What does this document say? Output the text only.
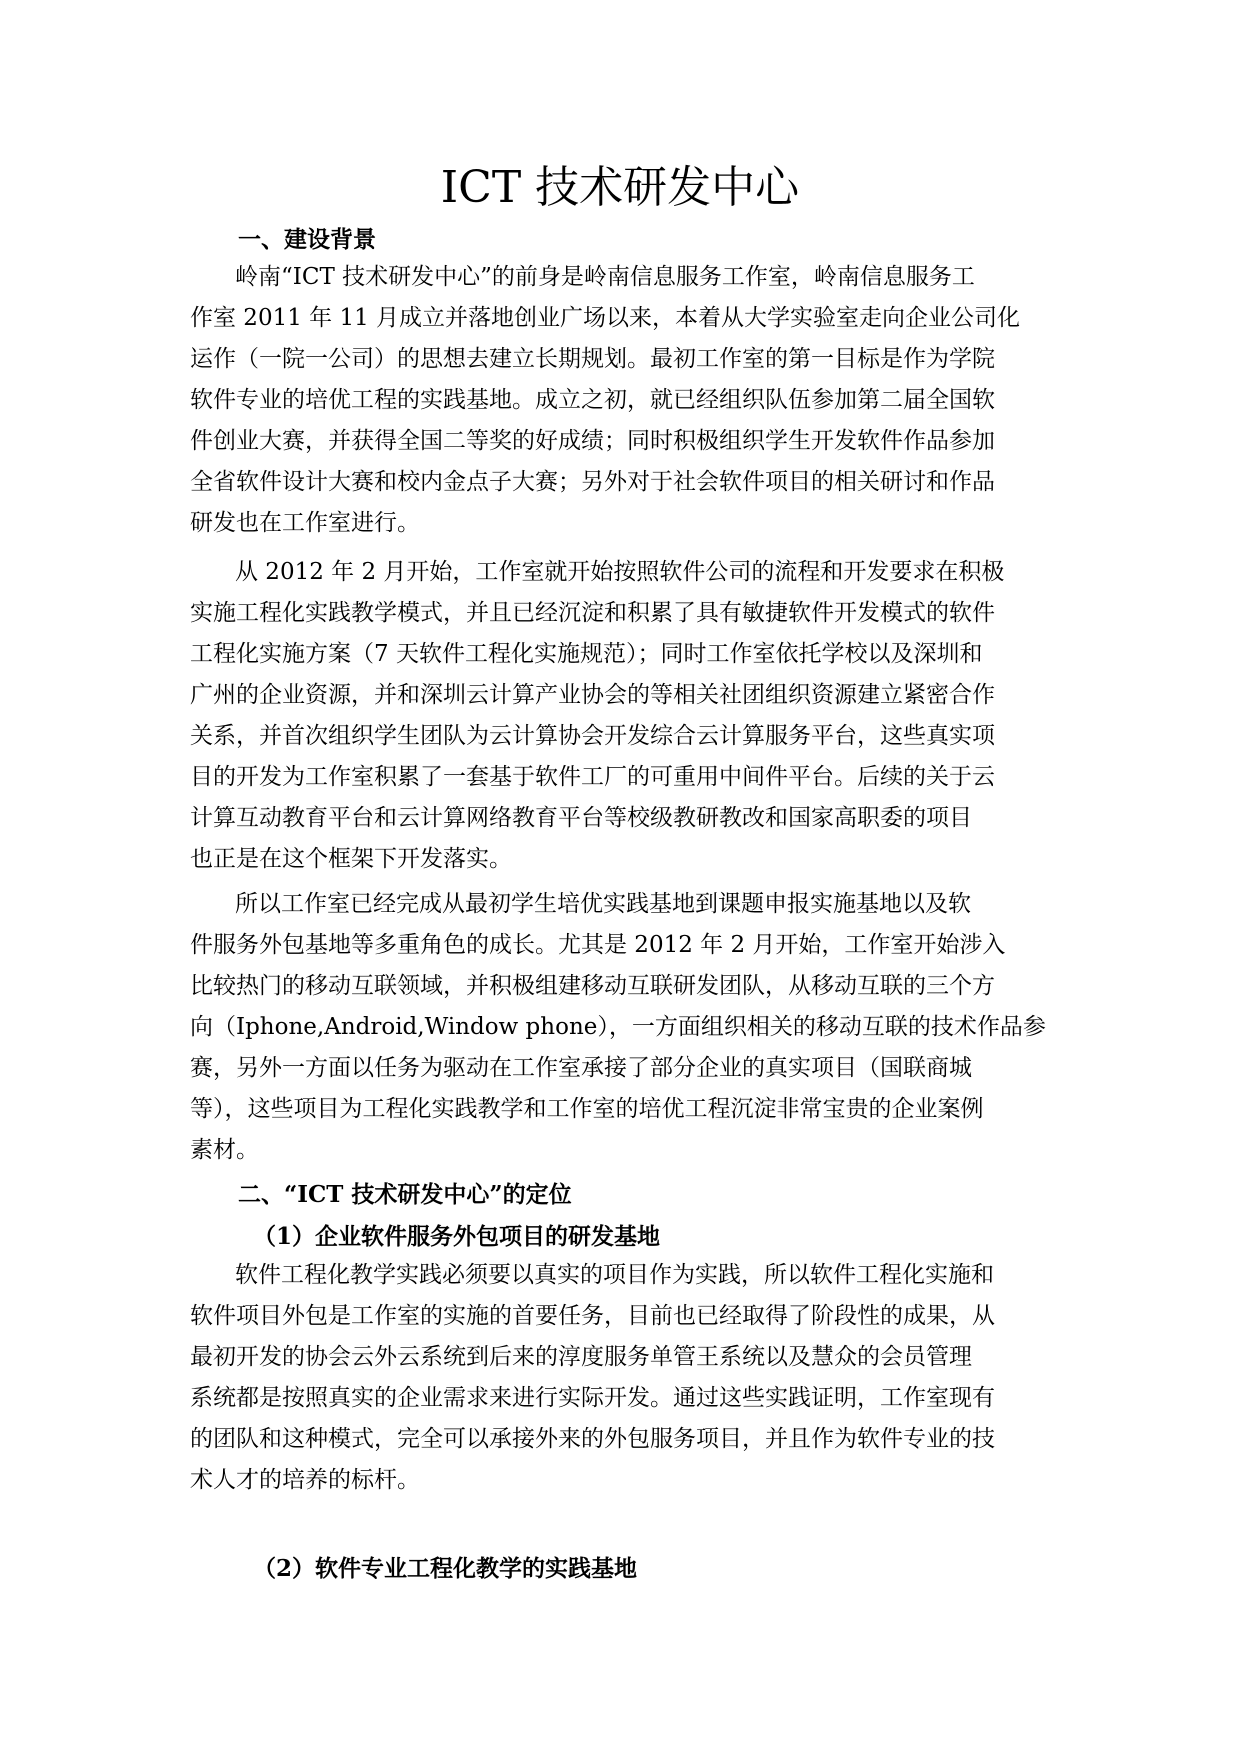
ICT 技术研发中心
一、建设背景
岭南“ICT 技术研发中心”的前身是岭南信息服务工作室，岭南信息服务工
作室 2011 年 11 月成立并落地创业广场以来，本着从大学实验室走向企业公司化
运作（一院一公司）的思想去建立长期规划。最初工作室的第一目标是作为学院
软件专业的培优工程的实践基地。成立之初，就已经组织队伍参加第二届全国软
件创业大赛，并获得全国二等奖的好成绩；同时积极组织学生开发软件作品参加
全省软件设计大赛和校内金点子大赛；另外对于社会软件项目的相关研讨和作品
研发也在工作室进行。
从 2012 年 2 月开始，工作室就开始按照软件公司的流程和开发要求在积极
实施工程化实践教学模式，并且已经沉淀和积累了具有敏捷软件开发模式的软件
工程化实施方案（7 天软件工程化实施规范）；同时工作室依托学校以及深圳和
广州的企业资源，并和深圳云计算产业协会的等相关社团组织资源建立紧密合作
关系，并首次组织学生团队为云计算协会开发综合云计算服务平台，这些真实项
目的开发为工作室积累了一套基于软件工厂的可重用中间件平台。后续的关于云
计算互动教育平台和云计算网络教育平台等校级教研教改和国家高职委的项目
也正是在这个框架下开发落实。
所以工作室已经完成从最初学生培优实践基地到课题申报实施基地以及软
件服务外包基地等多重角色的成长。尤其是 2012 年 2 月开始，工作室开始涉入
比较热门的移动互联领域，并积极组建移动互联研发团队，从移动互联的三个方
向（Iphone,Android,Window phone），一方面组织相关的移动互联的技术作品参
赛，另外一方面以任务为驱动在工作室承接了部分企业的真实项目（国联商城
等），这些项目为工程化实践教学和工作室的培优工程沉淀非常宝贵的企业案例
素材。
二、“ICT 技术研发中心”的定位
（1）企业软件服务外包项目的研发基地
软件工程化教学实践必须要以真实的项目作为实践，所以软件工程化实施和
软件项目外包是工作室的实施的首要任务，目前也已经取得了阶段性的成果，从
最初开发的协会云外云系统到后来的淳度服务单管王系统以及慧众的会员管理
系统都是按照真实的企业需求来进行实际开发。通过这些实践证明，工作室现有
的团队和这种模式，完全可以承接外来的外包服务项目，并且作为软件专业的技
术人才的培养的标杆。
（2）软件专业工程化教学的实践基地
